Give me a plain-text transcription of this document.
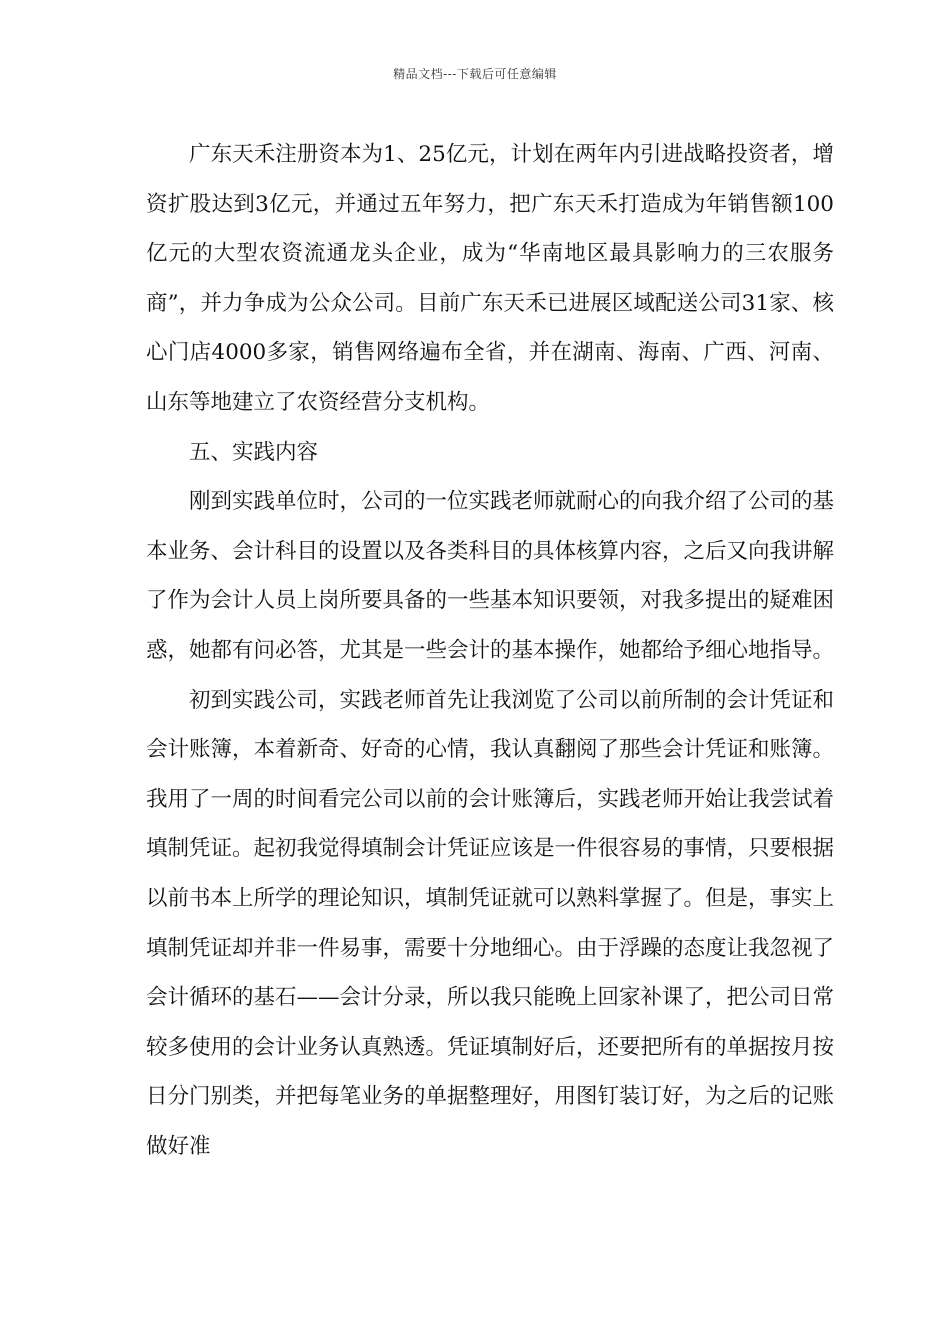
精品文档---下载后可任意编辑

广东天禾注册资本为1、25亿元，计划在两年内引进战略投资者，增资扩股达到3亿元，并通过五年努力，把广东天禾打造成为年销售额100亿元的大型农资流通龙头企业，成为“华南地区最具影响力的三农服务商”，并力争成为公众公司。目前广东天禾已进展区域配送公司31家、核心门店4000多家，销售网络遍布全省，并在湖南、海南、广西、河南、山东等地建立了农资经营分支机构。

五、实践内容

刚到实践单位时，公司的一位实践老师就耐心的向我介绍了公司的基本业务、会计科目的设置以及各类科目的具体核算内容，之后又向我讲解了作为会计人员上岗所要具备的一些基本知识要领，对我多提出的疑难困惑，她都有问必答，尤其是一些会计的基本操作，她都给予细心地指导。

初到实践公司，实践老师首先让我浏览了公司以前所制的会计凭证和会计账簿，本着新奇、好奇的心情，我认真翻阅了那些会计凭证和账簿。我用了一周的时间看完公司以前的会计账簿后，实践老师开始让我尝试着填制凭证。起初我觉得填制会计凭证应该是一件很容易的事情，只要根据以前书本上所学的理论知识，填制凭证就可以熟料掌握了。但是，事实上填制凭证却并非一件易事，需要十分地细心。由于浮躁的态度让我忽视了会计循环的基石——会计分录，所以我只能晚上回家补课了，把公司日常较多使用的会计业务认真熟透。凭证填制好后，还要把所有的单据按月按日分门别类，并把每笔业务的单据整理好，用图钉装订好，为之后的记账做好准
